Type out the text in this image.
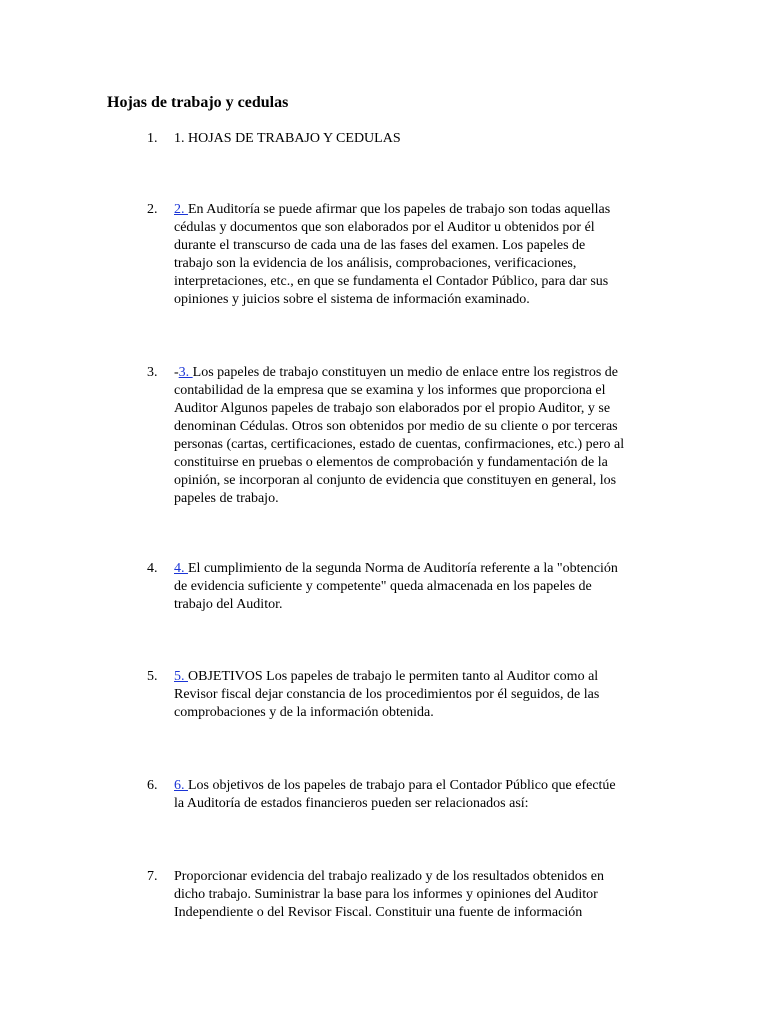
Hojas de trabajo y cedulas
1.	1. HOJAS DE TRABAJO Y CEDULAS
2.	2. En Auditoría se puede afirmar que los papeles de trabajo son todas aquellas
cédulas y documentos que son elaborados por el Auditor u obtenidos por él
durante el transcurso de cada una de las fases del examen. Los papeles de
trabajo son la evidencia de los análisis, comprobaciones, verificaciones,
interpretaciones, etc., en que se fundamenta el Contador Público, para dar sus
opiniones y juicios sobre el sistema de información examinado.
3.	-3. Los papeles de trabajo constituyen un medio de enlace entre los registros de
contabilidad de la empresa que se examina y los informes que proporciona el
Auditor Algunos papeles de trabajo son elaborados por el propio Auditor, y se
denominan Cédulas. Otros son obtenidos por medio de su cliente o por terceras
personas (cartas, certificaciones, estado de cuentas, confirmaciones, etc.) pero al
constituirse en pruebas o elementos de comprobación y fundamentación de la
opinión, se incorporan al conjunto de evidencia que constituyen en general, los
papeles de trabajo.
4.	4. El cumplimiento de la segunda Norma de Auditoría referente a la "obtención
de evidencia suficiente y competente" queda almacenada en los papeles de
trabajo del Auditor.
5.	5. OBJETIVOS Los papeles de trabajo le permiten tanto al Auditor como al
Revisor fiscal dejar constancia de los procedimientos por él seguidos, de las
comprobaciones y de la información obtenida.
6.	6. Los objetivos de los papeles de trabajo para el Contador Público que efectúe
la Auditoría de estados financieros pueden ser relacionados así:
7.	Proporcionar evidencia del trabajo realizado y de los resultados obtenidos en
dicho trabajo. Suministrar la base para los informes y opiniones del Auditor
Independiente o del Revisor Fiscal. Constituir una fuente de información
